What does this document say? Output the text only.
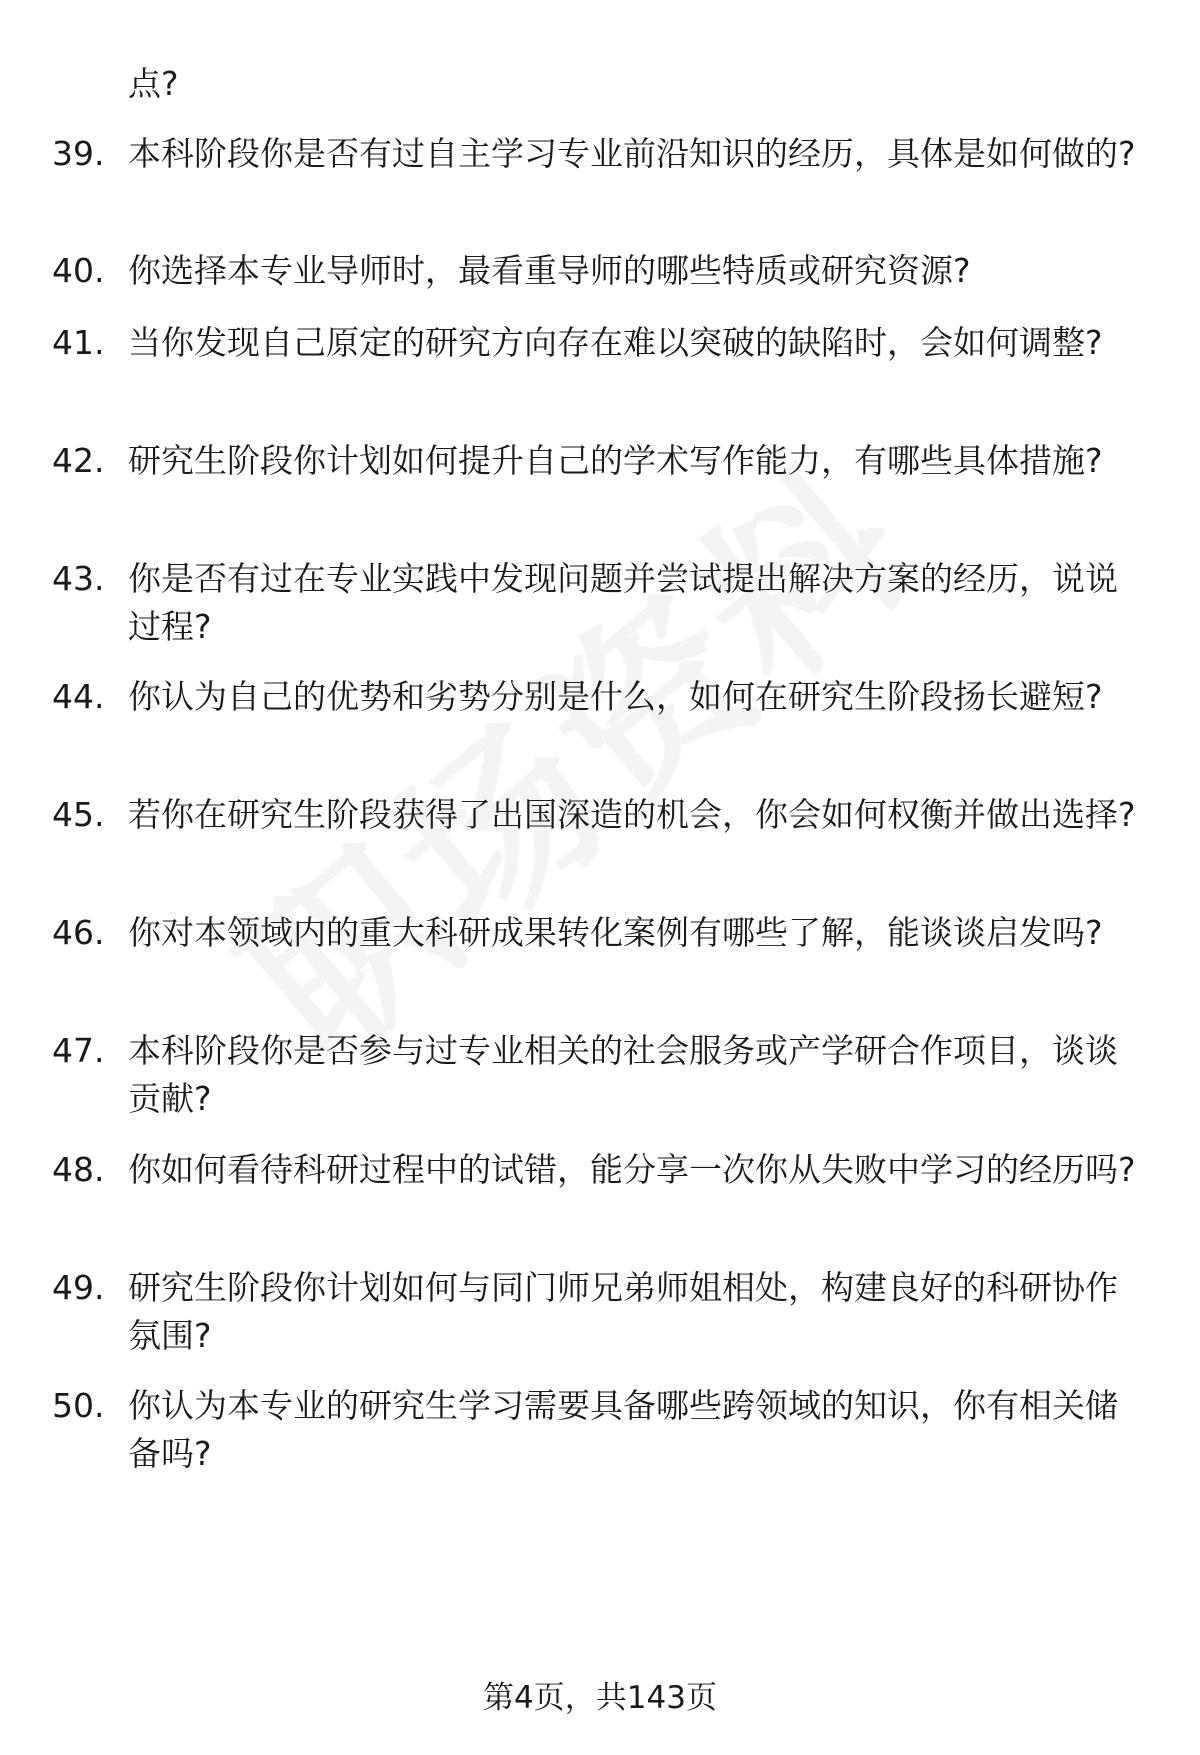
点?
39. 本科阶段你是否有过自主学习专业前沿知识的经历，具体是如何做的?
40. 你选择本专业导师时，最看重导师的哪些特质或研究资源?
41. 当你发现自己原定的研究方向存在难以突破的缺陷时，会如何调整?
42. 研究生阶段你计划如何提升自己的学术写作能力，有哪些具体措施?
43. 你是否有过在专业实践中发现问题并尝试提出解决方案的经历，说说过程?
44. 你认为自己的优势和劣势分别是什么，如何在研究生阶段扬长避短?
45. 若你在研究生阶段获得了出国深造的机会，你会如何权衡并做出选择?
46. 你对本领域内的重大科研成果转化案例有哪些了解，能谈谈启发吗?
47. 本科阶段你是否参与过专业相关的社会服务或产学研合作项目，谈谈贡献?
48. 你如何看待科研过程中的试错，能分享一次你从失败中学习的经历吗?
49. 研究生阶段你计划如何与同门师兄弟师姐相处，构建良好的科研协作氛围?
50. 你认为本专业的研究生学习需要具备哪些跨领域的知识，你有相关储备吗?
第4页，共143页
